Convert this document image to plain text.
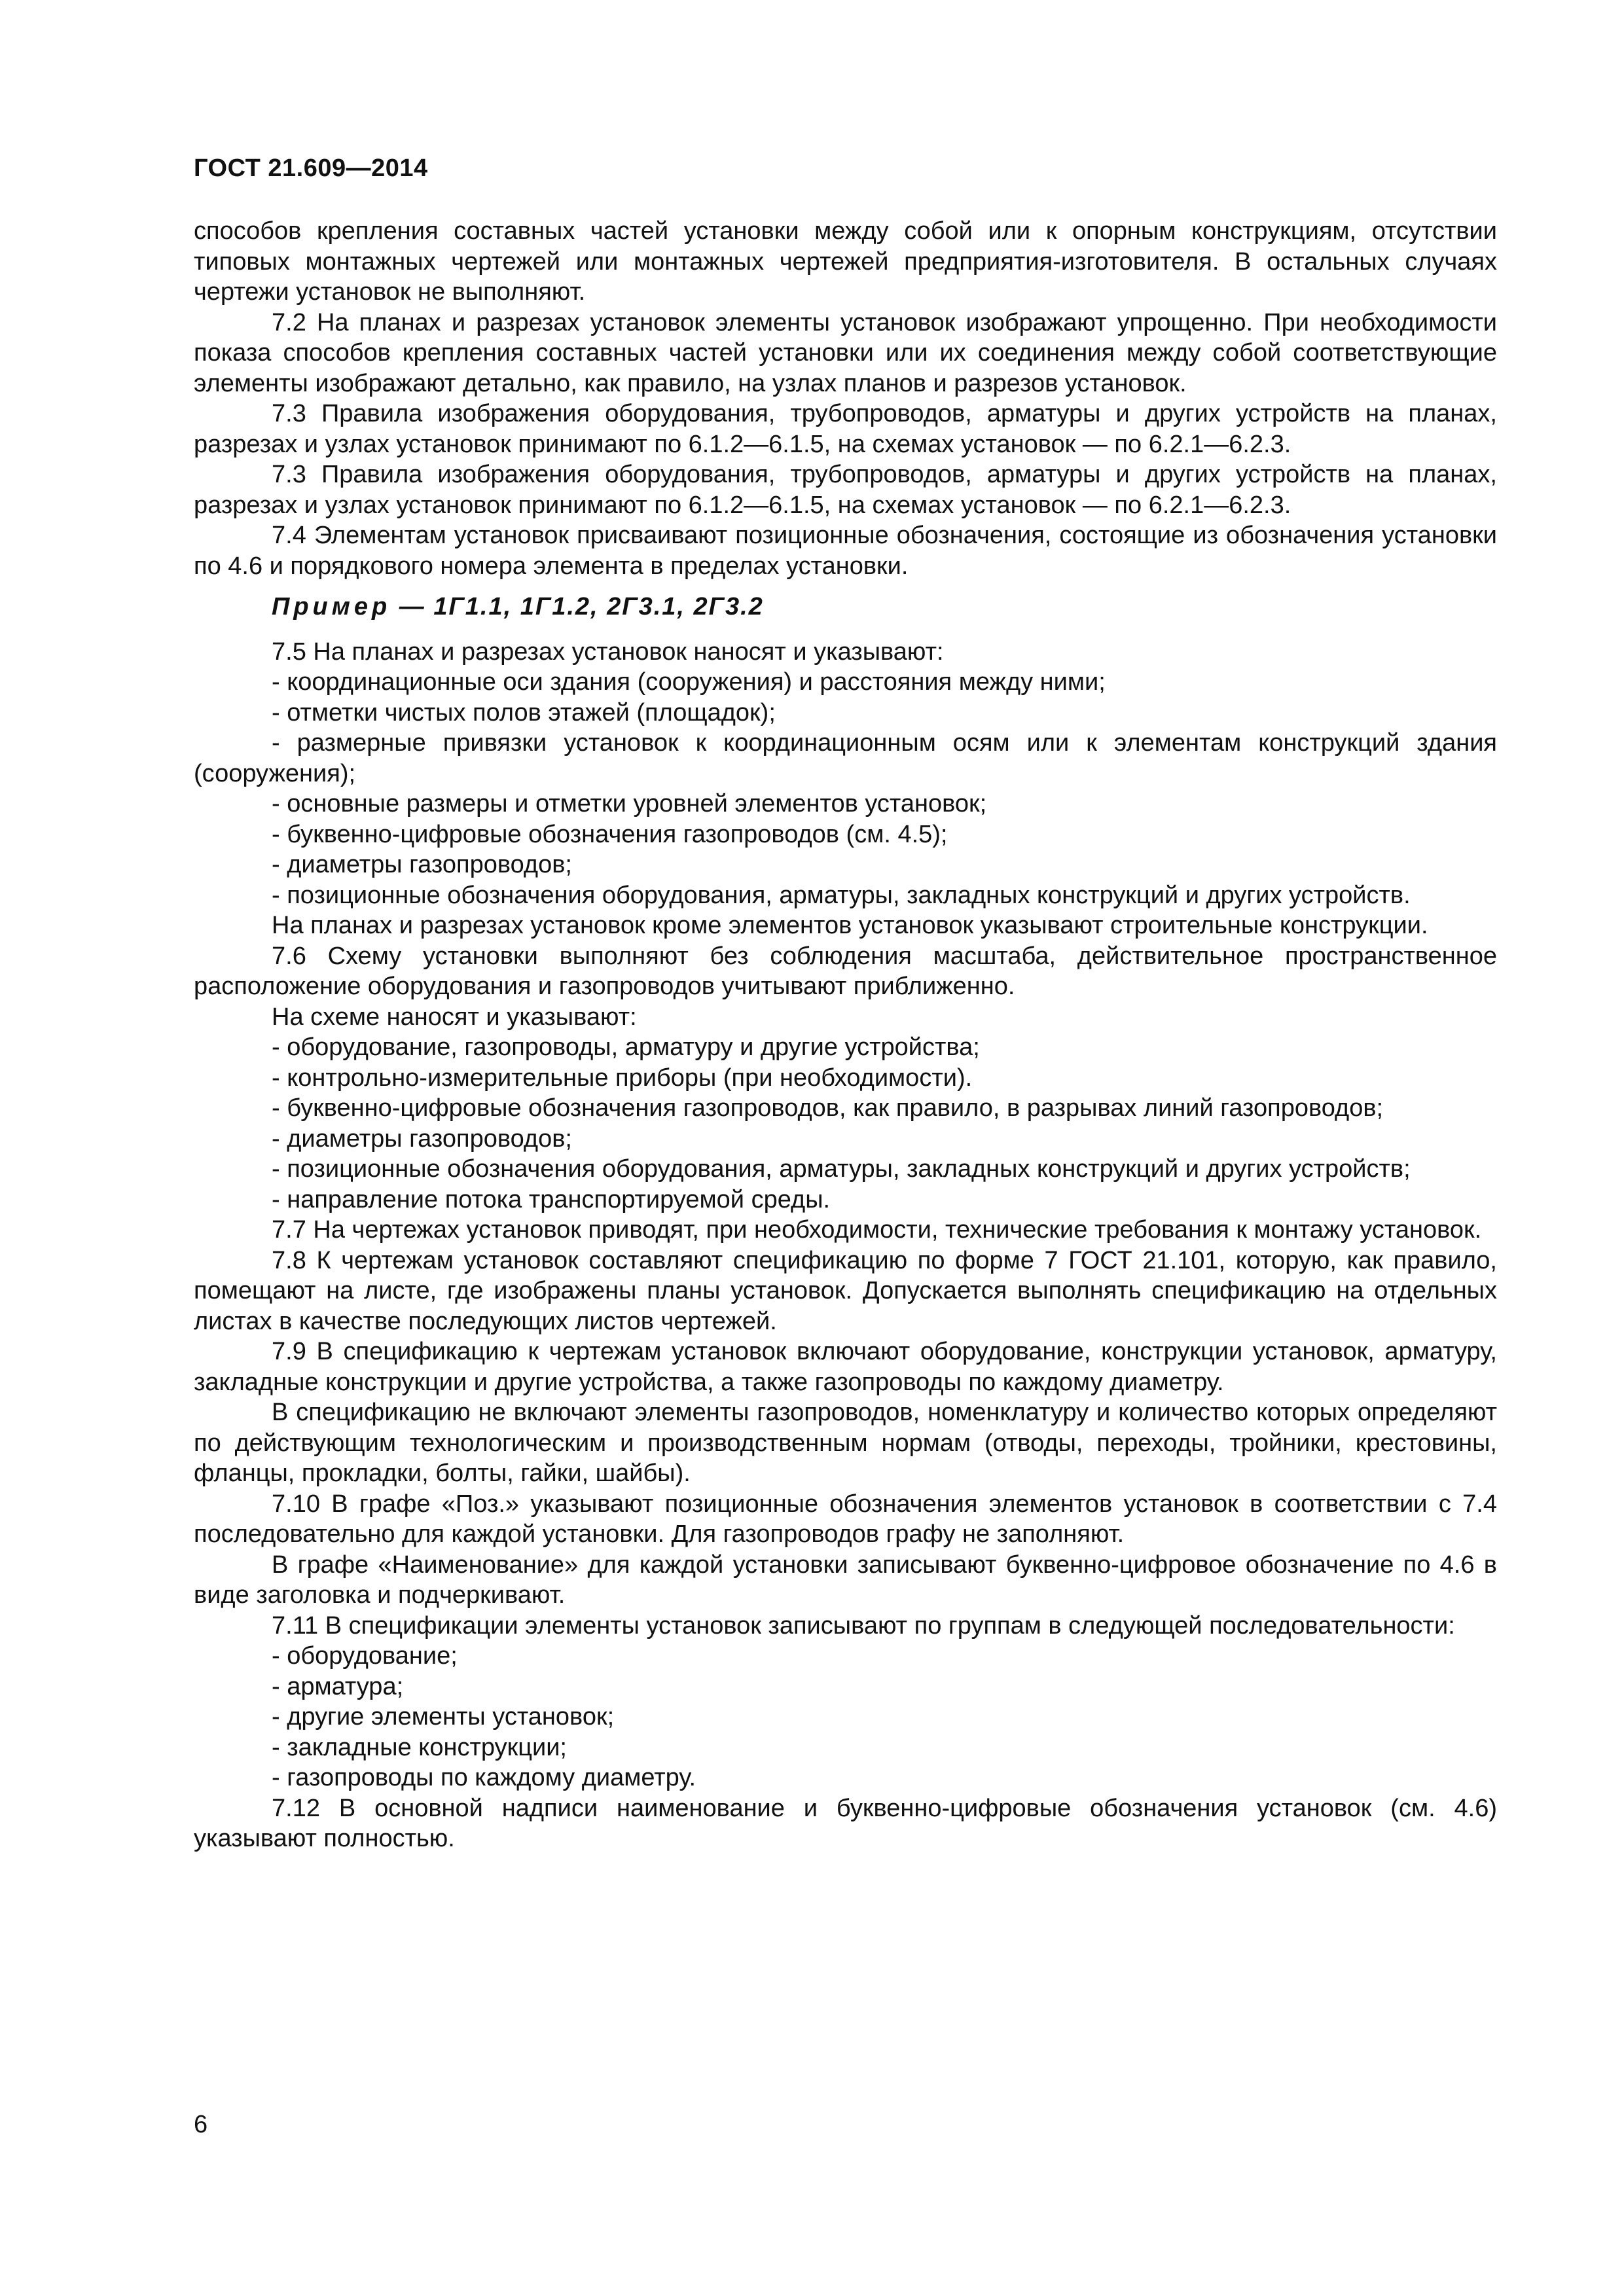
ГОСТ 21.609—2014

способов крепления составных частей установки между собой или к опорным конструкциям, отсутствии типовых монтажных чертежей или монтажных чертежей предприятия-изготовителя. В остальных случаях чертежи установок не выполняют.

7.2 На планах и разрезах установок элементы установок изображают упрощенно. При необходимости показа способов крепления составных частей установки или их соединения между собой соответствующие элементы изображают детально, как правило, на узлах планов и разрезов установок.

7.3 Правила изображения оборудования, трубопроводов, арматуры и других устройств на планах, разрезах и узлах установок принимают по 6.1.2—6.1.5, на схемах установок — по 6.2.1—6.2.3.

7.3 Правила изображения оборудования, трубопроводов, арматуры и других устройств на планах, разрезах и узлах установок принимают по 6.1.2—6.1.5, на схемах установок — по 6.2.1—6.2.3.

7.4 Элементам установок присваивают позиционные обозначения, состоящие из обозначения установки по 4.6 и порядкового номера элемента в пределах установки.

Пример — 1Г1.1, 1Г1.2, 2Г3.1, 2Г3.2

7.5 На планах и разрезах установок наносят и указывают:

- координационные оси здания (сооружения) и расстояния между ними;

- отметки чистых полов этажей (площадок);

- размерные привязки установок к координационным осям или к элементам конструкций здания (сооружения);

- основные размеры и отметки уровней элементов установок;

- буквенно-цифровые обозначения газопроводов (см. 4.5);

- диаметры газопроводов;

- позиционные обозначения оборудования, арматуры, закладных конструкций и других устройств.

На планах и разрезах установок кроме элементов установок указывают строительные конструкции.

7.6 Схему установки выполняют без соблюдения масштаба, действительное пространственное расположение оборудования и газопроводов учитывают приближенно.

На схеме наносят и указывают:

- оборудование, газопроводы, арматуру и другие устройства;

- контрольно-измерительные приборы (при необходимости).

- буквенно-цифровые обозначения газопроводов, как правило, в разрывах линий газопроводов;

- диаметры газопроводов;

- позиционные обозначения оборудования, арматуры, закладных конструкций и других устройств;

- направление потока транспортируемой среды.

7.7 На чертежах установок приводят, при необходимости, технические требования к монтажу установок.

7.8 К чертежам установок составляют спецификацию по форме 7 ГОСТ 21.101, которую, как правило, помещают на листе, где изображены планы установок. Допускается выполнять спецификацию на отдельных листах в качестве последующих листов чертежей.

7.9 В спецификацию к чертежам установок включают оборудование, конструкции установок, арматуру, закладные конструкции и другие устройства, а также газопроводы по каждому диаметру.

В спецификацию не включают элементы газопроводов, номенклатуру и количество которых определяют по действующим технологическим и производственным нормам (отводы, переходы, тройники, крестовины, фланцы, прокладки, болты, гайки, шайбы).

7.10 В графе «Поз.» указывают позиционные обозначения элементов установок в соответствии с 7.4 последовательно для каждой установки. Для газопроводов графу не заполняют.

В графе «Наименование» для каждой установки записывают буквенно-цифровое обозначение по 4.6 в виде заголовка и подчеркивают.

7.11 В спецификации элементы установок записывают по группам в следующей последовательности:

- оборудование;

- арматура;

- другие элементы установок;

- закладные конструкции;

- газопроводы по каждому диаметру.

7.12 В основной надписи наименование и буквенно-цифровые обозначения установок (см. 4.6) указывают полностью.

6
